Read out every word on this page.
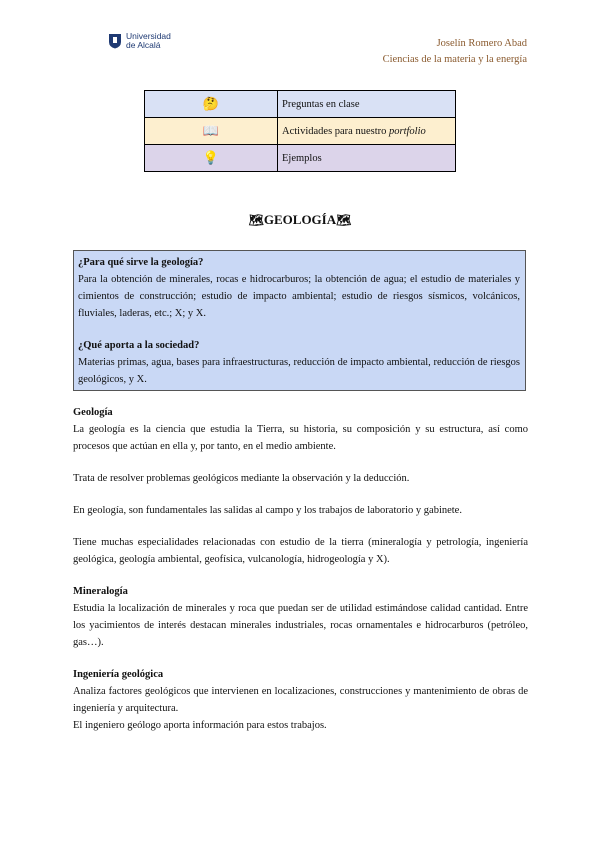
Universidad
de Alcalá	Joselín Romero Abad
Ciencias de la materia y la energía
🤔	Preguntas en clase
📖	Actividades para nuestro portfolio
💡	Ejemplos
🗺GEOLOGÍA🗺

¿Para qué sirve la geología?

Para la obtención de minerales, rocas e hidrocarburos; la obtención de agua; el estudio de materiales y cimientos de construcción; estudio de impacto ambiental; estudio de riesgos sísmicos, volcánicos, fluviales, laderas, etc.; X; y X.

¿Qué aporta a la sociedad?

Materias primas, agua, bases para infraestructuras, reducción de impacto ambiental, reducción de riesgos geológicos, y X.

Geología

La geología es la ciencia que estudia la Tierra, su historia, su composición y su estructura, así como procesos que actúan en ella y, por tanto, en el medio ambiente.

Trata de resolver problemas geológicos mediante la observación y la deducción.

En geología, son fundamentales las salidas al campo y los trabajos de laboratorio y gabinete.

Tiene muchas especialidades relacionadas con estudio de la tierra (mineralogía y petrología, ingeniería geológica, geología ambiental, geofísica, vulcanología, hidrogeología y X).

Mineralogía

Estudia la localización de minerales y roca que puedan ser de utilidad estimándose calidad cantidad. Entre los yacimientos de interés destacan minerales industriales, rocas ornamentales e hidrocarburos (petróleo, gas…).

Ingeniería geológica

Analiza factores geológicos que intervienen en localizaciones, construcciones y mantenimiento de obras de ingeniería y arquitectura.

El ingeniero geólogo aporta información para estos trabajos.
